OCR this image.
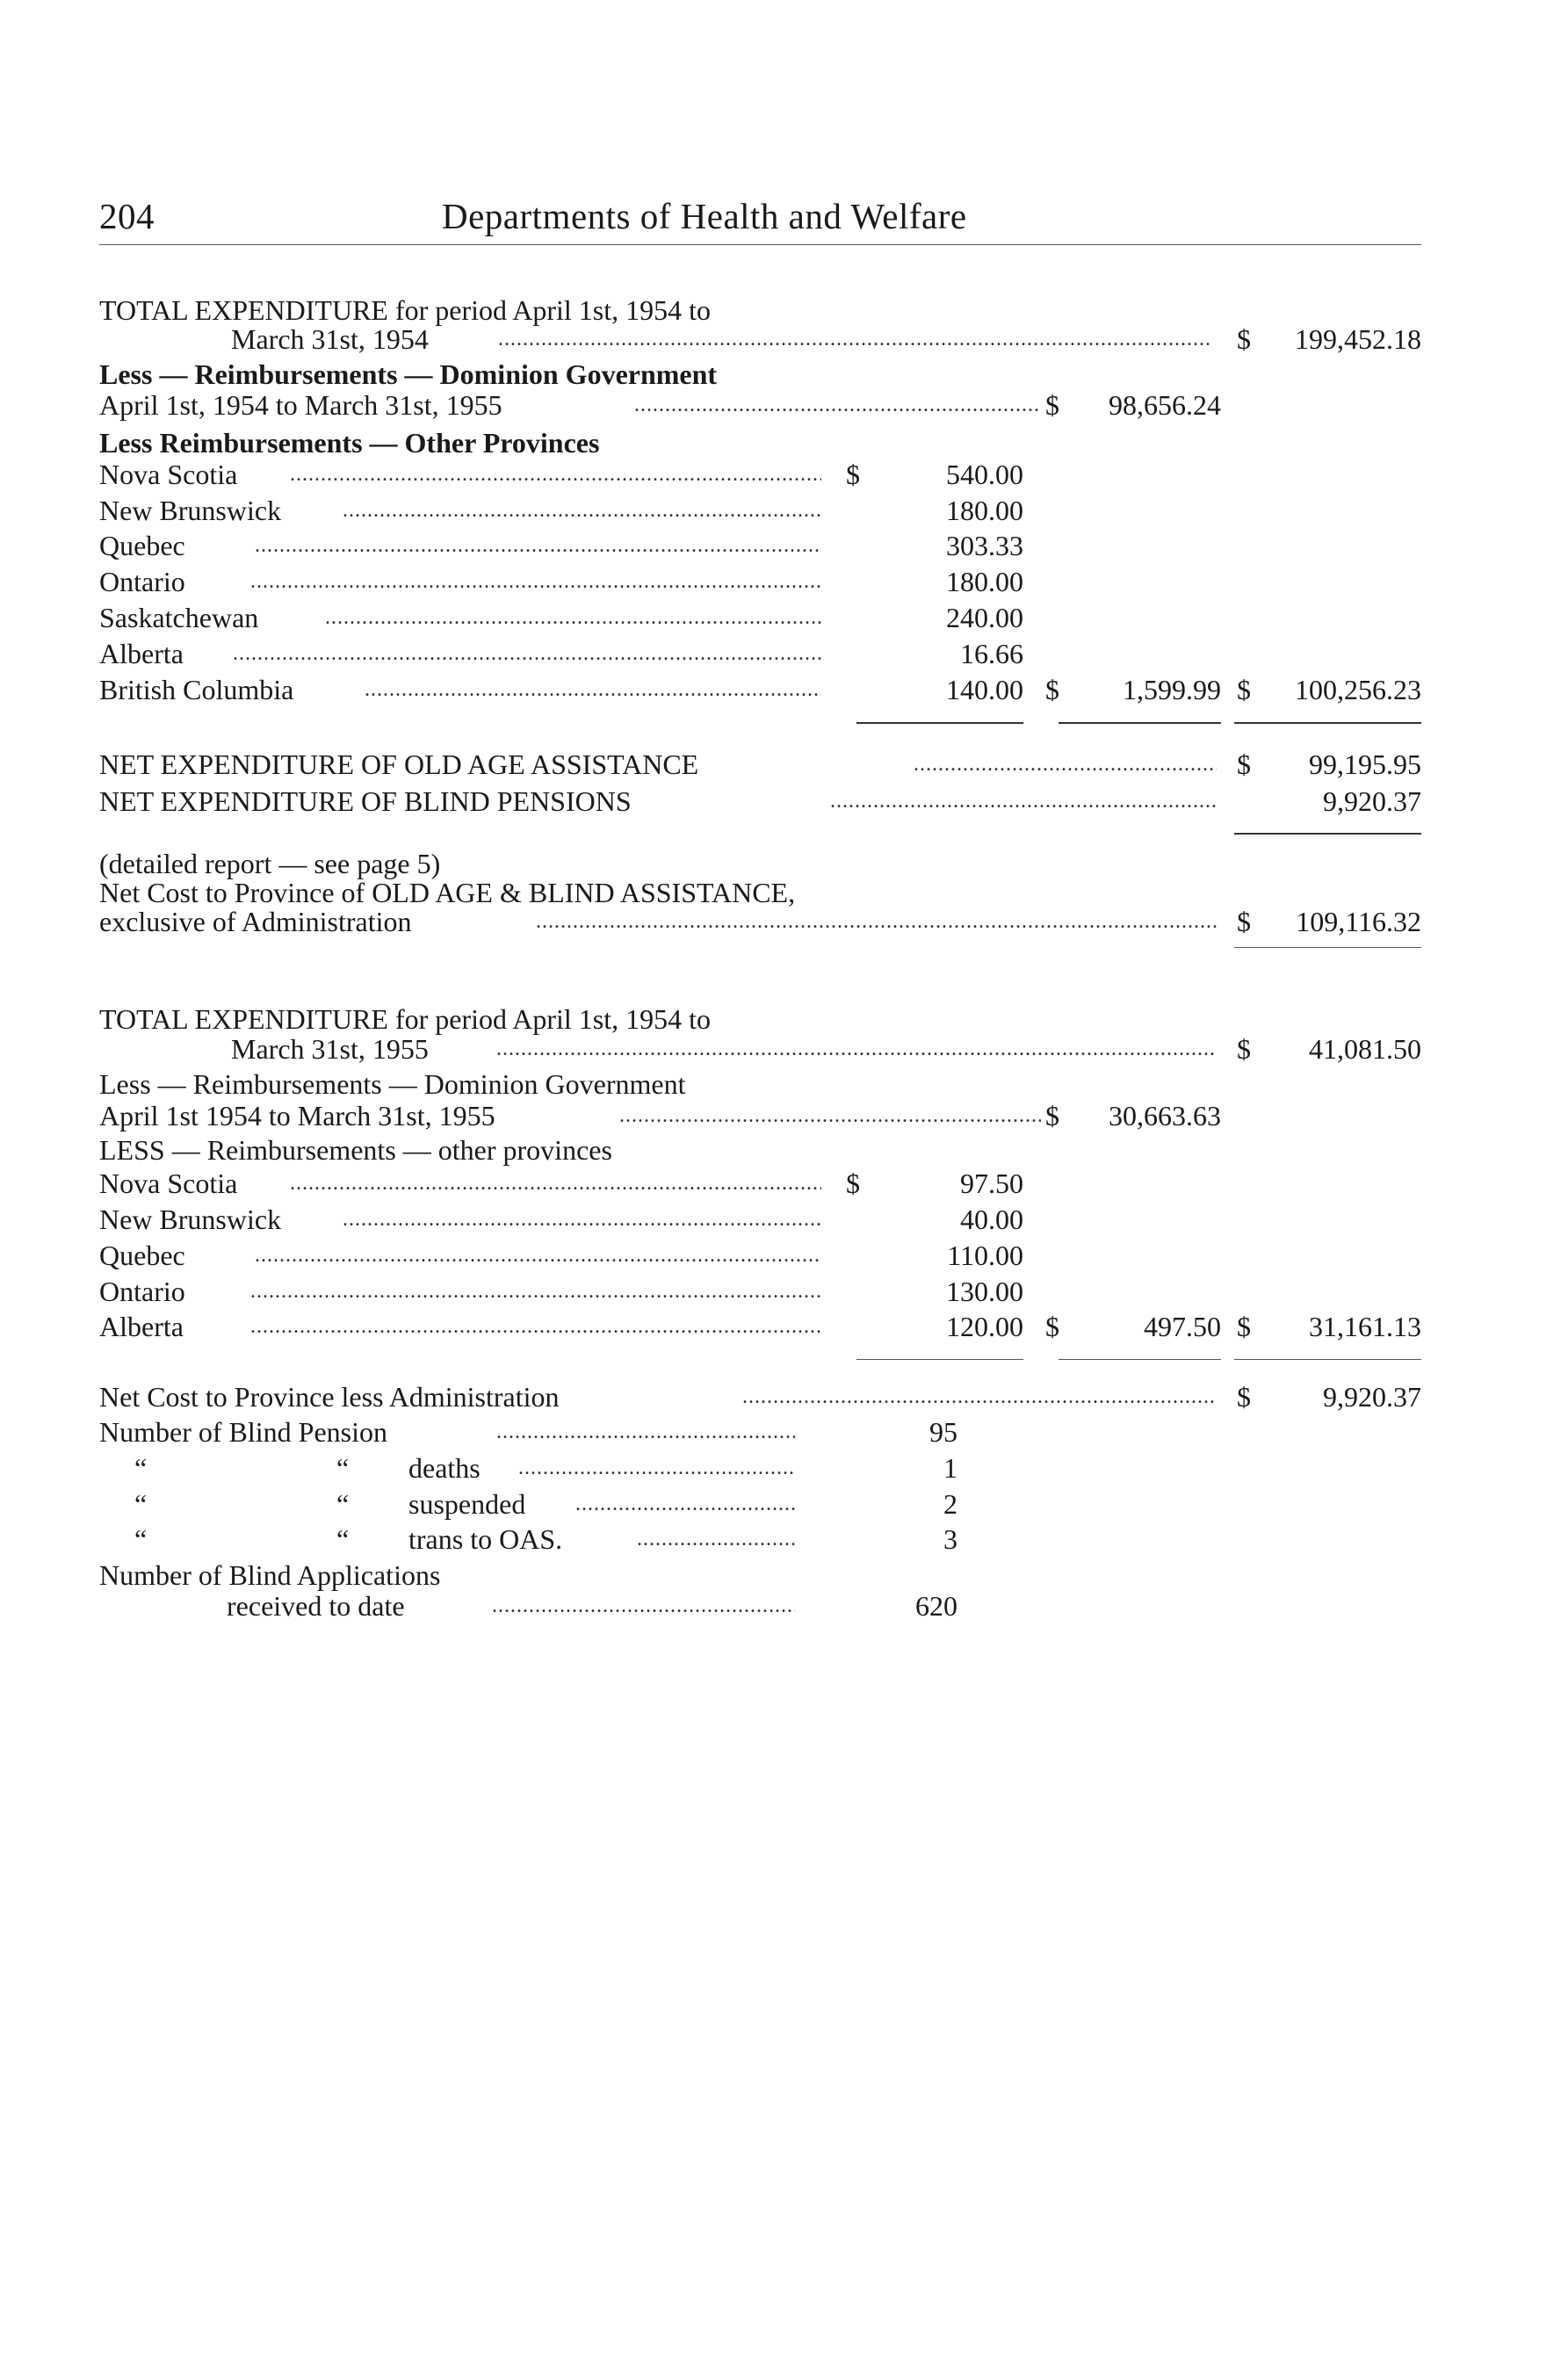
204	Departments of Health and Welfare
TOTAL EXPENDITURE for period April 1st, 1954 to
March 31st, 1954 .....	$	199,452.18
Less — Reimbursements — Dominion Government
April 1st, 1954 to March 31st, 1955 .....	$	98,656.24
Less Reimbursements — Other Provinces
Nova Scotia .....	$	540.00
New Brunswick .....	180.00
Quebec .....	303.33
Ontario .....	180.00
Saskatchewan .....	240.00
Alberta .....	16.66
British Columbia .....	140.00 $	1,599.99 $	100,256.23
NET EXPENDITURE OF OLD AGE ASSISTANCE .....	$	99,195.95
NET EXPENDITURE OF BLIND PENSIONS .....	9,920.37
(detailed report — see page 5)
Net Cost to Province of OLD AGE & BLIND ASSISTANCE,
exclusive of Administration .....	$	109,116.32
TOTAL EXPENDITURE for period April 1st, 1954 to
March 31st, 1955 .....	$	41,081.50
Less — Reimbursements — Dominion Government
April 1st 1954 to March 31st, 1955 .....	$	30,663.63
LESS — Reimbursements — other provinces
Nova Scotia .....	$	97.50
New Brunswick .....	40.00
Quebec .....	110.00
Ontario .....	130.00
Alberta .....	120.00 $	497.50 $	31,161.13
Net Cost to Province less Administration .....	$	9,920.37
Number of Blind Pension .....	95
“	“ deaths .....	1
“	“ suspended .....	2
“	“ trans to OAS. .....	3
Number of Blind Applications
received to date .....	620
